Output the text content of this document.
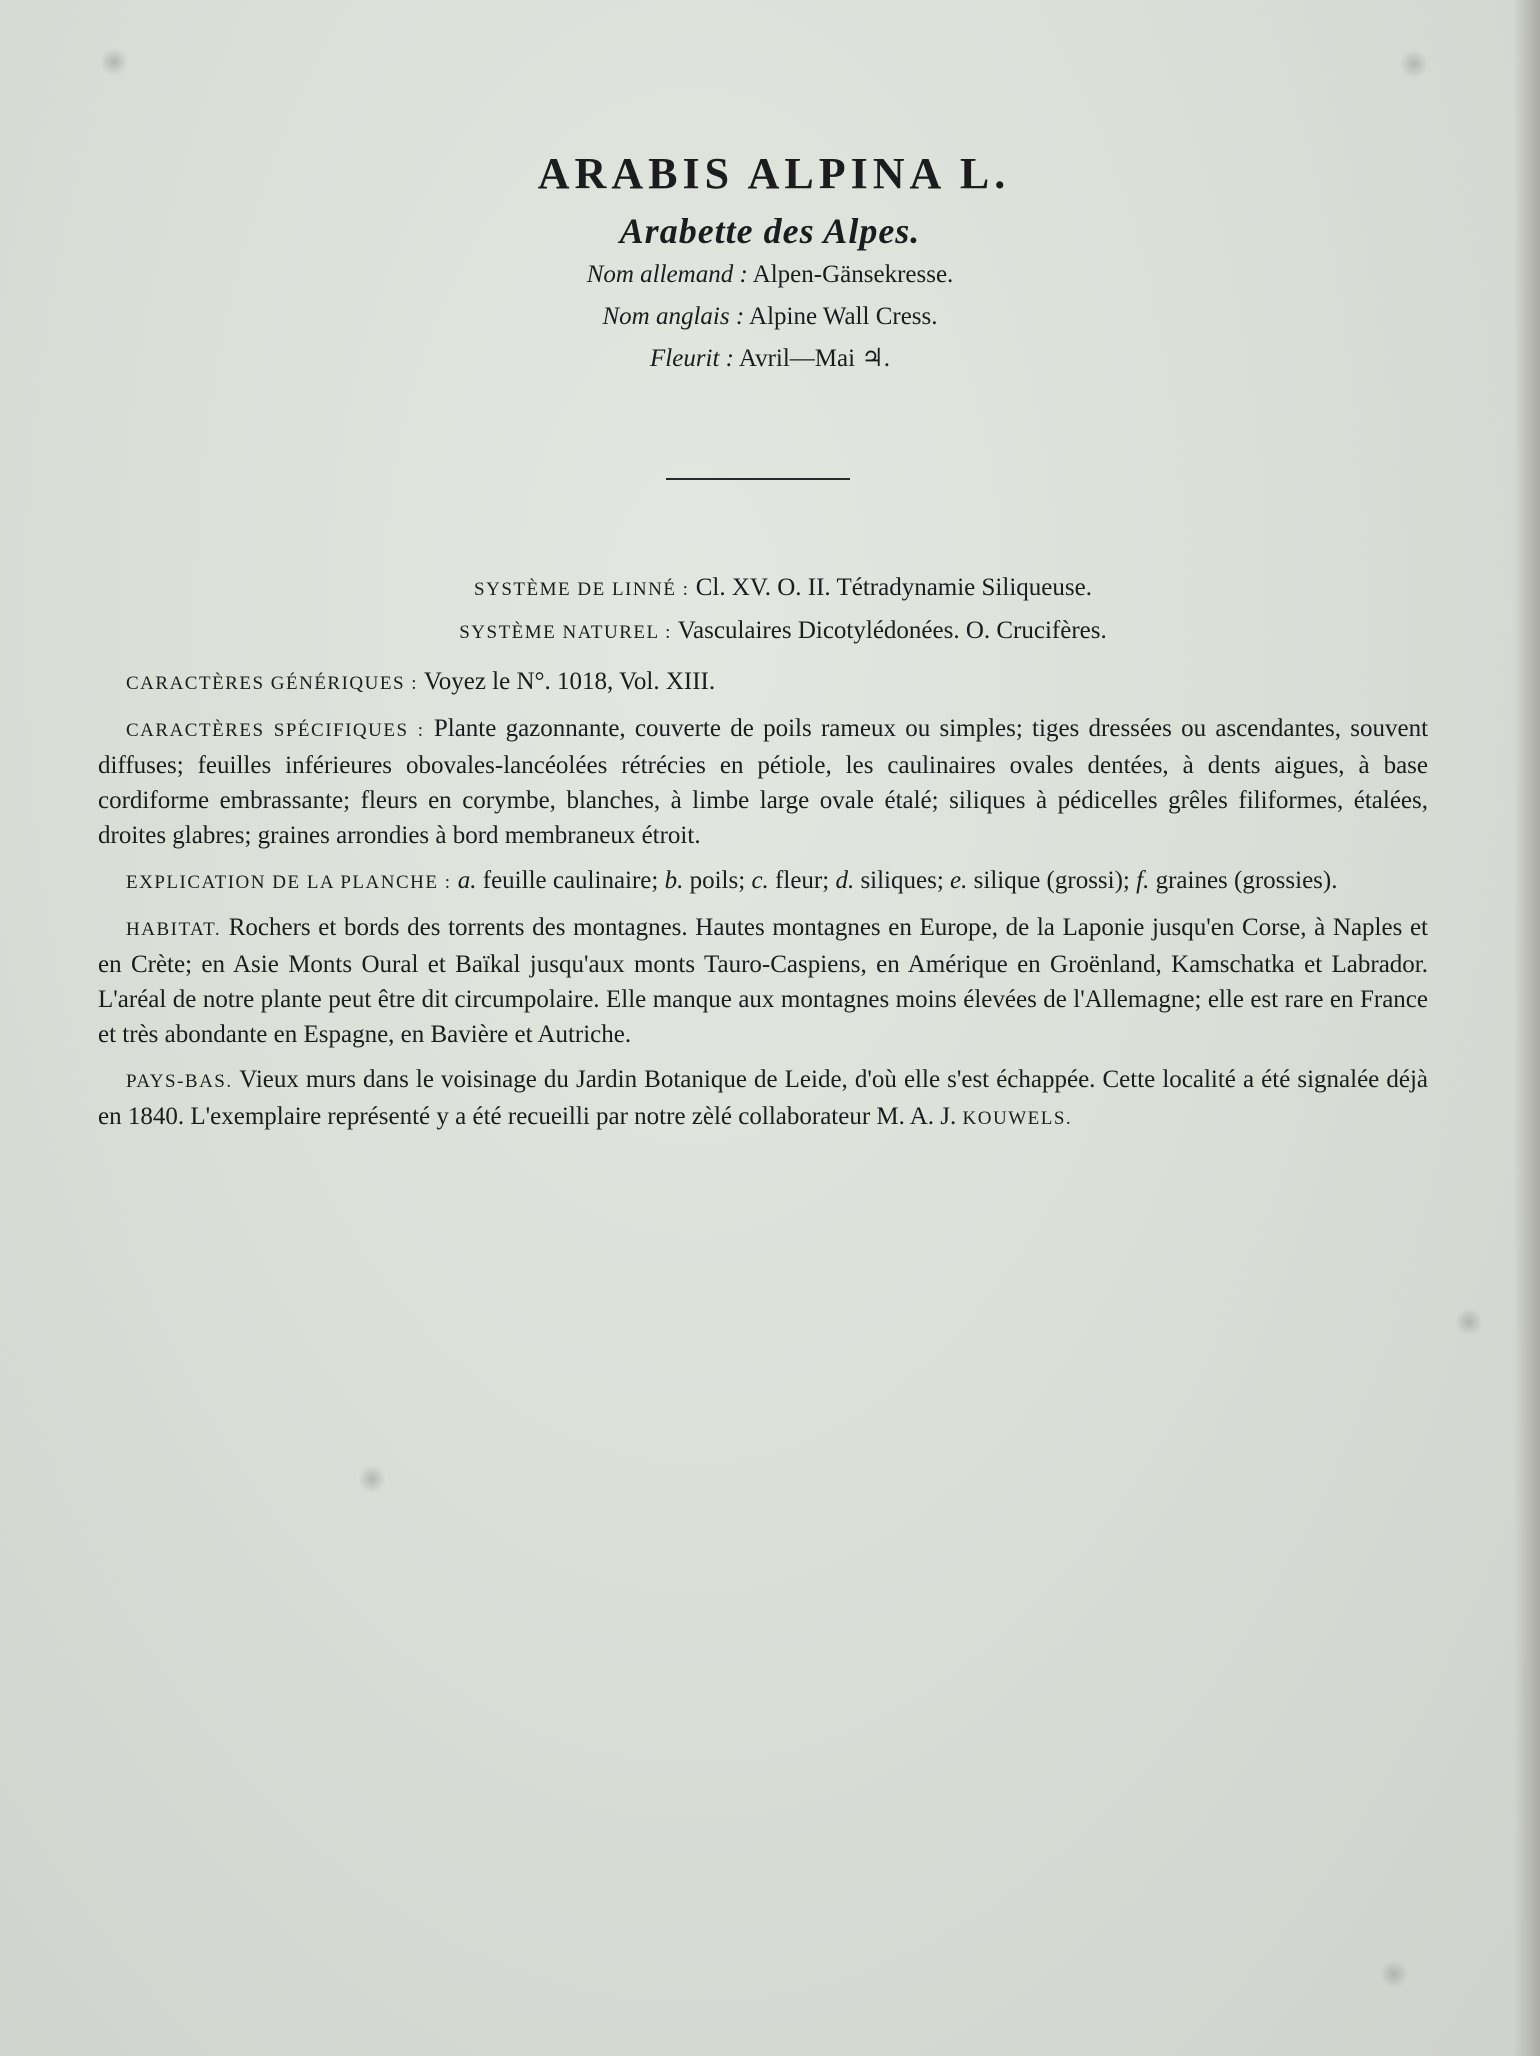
ARABIS ALPINA L.
Arabette des Alpes.
Nom allemand : Alpen-Gänsekresse.
Nom anglais : Alpine Wall Cress.
Fleurit : Avril—Mai ♃.

SYSTÈME DE LINNÉ : Cl. XV. O. II. Tétradynamie Siliqueuse.

SYSTÈME NATUREL : Vasculaires Dicotylédonées. O. Crucifères.

CARACTÈRES GÉNÉRIQUES : Voyez le N°. 1018, Vol. XIII.

CARACTÈRES SPÉCIFIQUES : Plante gazonnante, couverte de poils rameux ou simples; tiges dressées ou ascendantes, souvent diffuses; feuilles inférieures obovales-lancéolées rétrécies en pétiole, les caulinaires ovales dentées, à dents aigues, à base cordiforme embrassante; fleurs en corymbe, blanches, à limbe large ovale étalé; siliques à pédicelles grêles filiformes, étalées, droites glabres; graines arrondies à bord membraneux étroit.

EXPLICATION DE LA PLANCHE : a. feuille caulinaire; b. poils; c. fleur; d. siliques; e. silique (grossi); f. graines (grossies).

HABITAT. Rochers et bords des torrents des montagnes. Hautes montagnes en Europe, de la Laponie jusqu'en Corse, à Naples et en Crète; en Asie Monts Oural et Baïkal jusqu'aux monts Tauro-Caspiens, en Amérique en Groënland, Kamschatka et Labrador. L'aréal de notre plante peut être dit circumpolaire. Elle manque aux montagnes moins élevées de l'Allemagne; elle est rare en France et très abondante en Espagne, en Bavière et Autriche.

PAYS-BAS. Vieux murs dans le voisinage du Jardin Botanique de Leide, d'où elle s'est échappée. Cette localité a été signalée déjà en 1840. L'exemplaire représenté y a été recueilli par notre zèlé collaborateur M. A. J. KOUWELS.
